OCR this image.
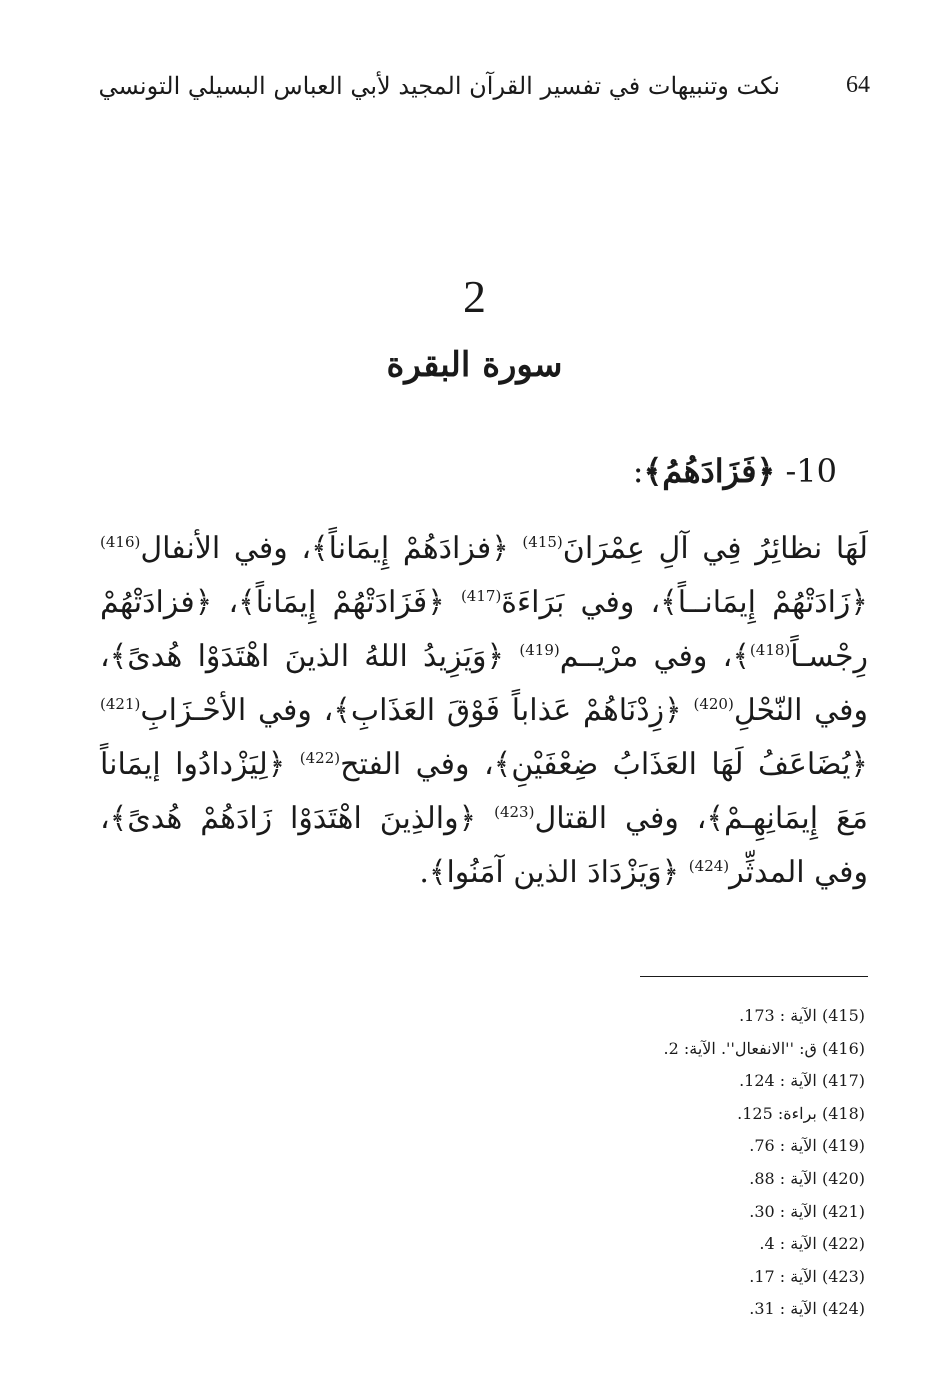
64
نكت وتنبيهات في تفسير القرآن المجيد لأبي العباس البسيلي التونسي
2
سورة البقرة
10- ﴿فَزَادَهُمُ﴾:
لَهَا نظائِرُ فِي آلِ عِمْرَانَ$^{(415)}$ ﴿فزادَهُمْ إِيمَاناً﴾، وفي الأنفال$^{(416)}$ ﴿زَادَتْهُمْ إِيمَانــاً﴾، وفي بَرَاءَةَ$^{(417)}$ ﴿فَزَادَتْهُمْ إِيمَاناً﴾، ﴿فزادَتْهُمْ رِجْسـاً$^{(418)}$﴾، وفي مرْيــم$^{(419)}$ ﴿وَيَزِيدُ اللهُ الذينَ اهْتَدَوْا هُدىً﴾، وفي النّحْلِ$^{(420)}$ ﴿زِدْنَاهُمْ عَذاباً فَوْقَ العَذَابِ﴾، وفي الأحْـزَابِ$^{(421)}$ ﴿يُضَاعَفُ لَهَا العَذَابُ ضِعْفَيْنِ﴾، وفي الفتح$^{(422)}$ ﴿لِيَزْدادُوا إيمَاناً مَعَ إِيمَانِهِـمْ﴾، وفي القتال$^{(423)}$ ﴿والذِينَ اهْتَدَوْا زَادَهُمْ هُدىً﴾، وفي المدثِّر$^{(424)}$ ﴿وَيَزْدَادَ الذين آمَنُوا﴾.
(415) الآية : 173.
(416) ق: ''الانفعال''. الآية: 2.
(417) الآية : 124.
(418) براءة: 125.
(419) الآية : 76.
(420) الآية : 88.
(421) الآية : 30.
(422) الآية : 4.
(423) الآية : 17.
(424) الآية : 31.
